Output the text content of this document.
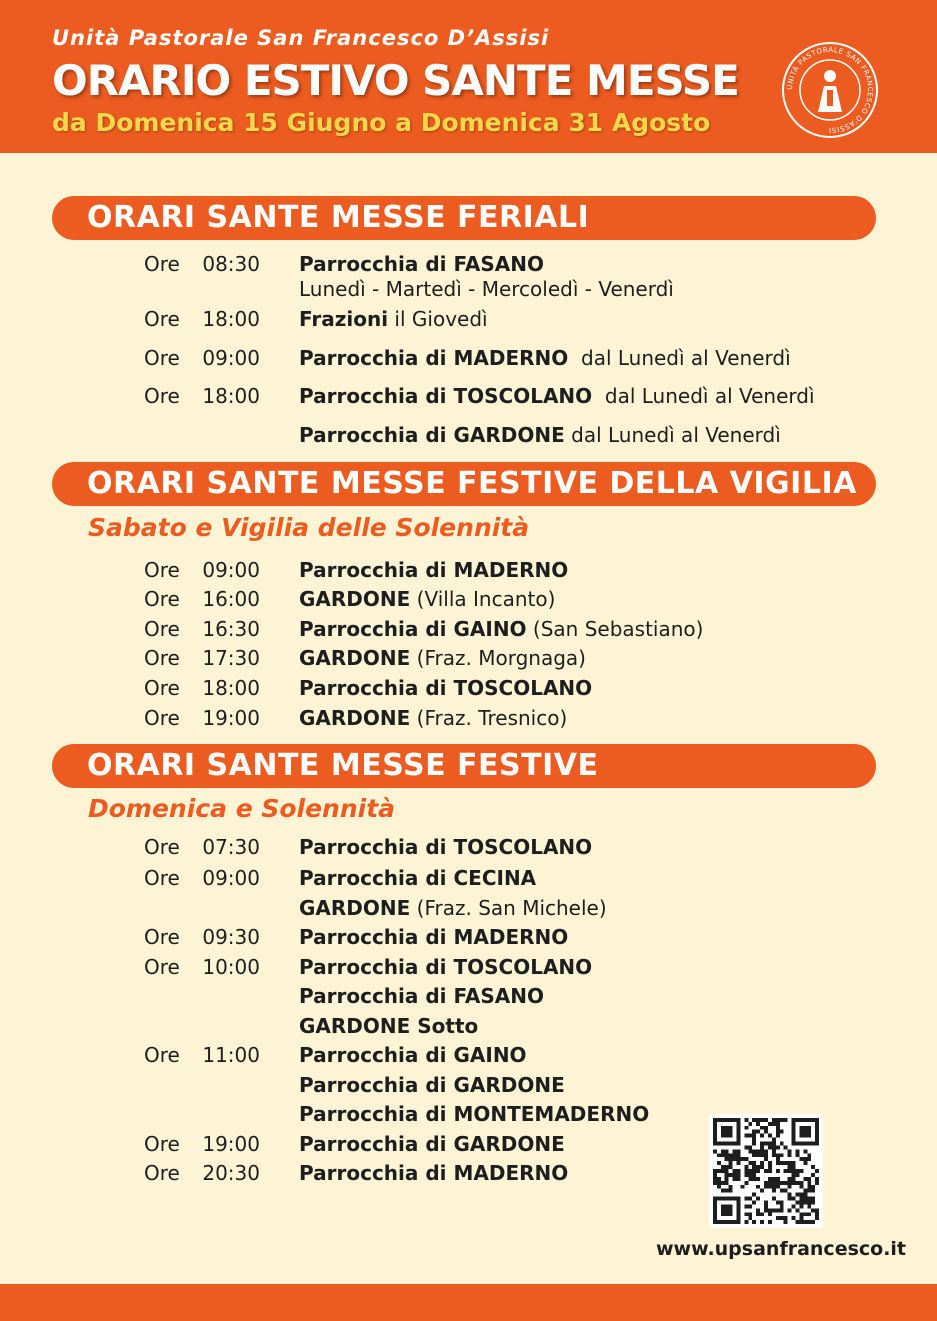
Unità Pastorale San Francesco D’Assisi
ORARIO ESTIVO SANTE MESSE
da Domenica 15 Giugno a Domenica 31 Agosto
UNITÀ PASTORALE SAN FRANCESCO D'ASSISI
ORARI SANTE MESSE FERIALI
Ore 08:30 Parrocchia di FASANO
Lunedì - Martedì - Mercoledì - Venerdì
Ore 18:00 Frazioni il Giovedì
Ore 09:00 Parrocchia di MADERNO  dal Lunedì al Venerdì
Ore 18:00 Parrocchia di TOSCOLANO  dal Lunedì al Venerdì
Parrocchia di GARDONE dal Lunedì al Venerdì
ORARI SANTE MESSE FESTIVE DELLA VIGILIA
Sabato e Vigilia delle Solennità
Ore 09:00 Parrocchia di MADERNO
Ore 16:00 GARDONE (Villa Incanto)
Ore 16:30 Parrocchia di GAINO (San Sebastiano)
Ore 17:30 GARDONE (Fraz. Morgnaga)
Ore 18:00 Parrocchia di TOSCOLANO
Ore 19:00 GARDONE (Fraz. Tresnico)
ORARI SANTE MESSE FESTIVE
Domenica e Solennità
Ore 07:30 Parrocchia di TOSCOLANO
Ore 09:00 Parrocchia di CECINA
GARDONE (Fraz. San Michele)
Ore 09:30 Parrocchia di MADERNO
Ore 10:00 Parrocchia di TOSCOLANO
Parrocchia di FASANO
GARDONE Sotto
Ore 11:00 Parrocchia di GAINO
Parrocchia di GARDONE
Parrocchia di MONTEMADERNO
Ore 19:00 Parrocchia di GARDONE
Ore 20:30 Parrocchia di MADERNO
www.upsanfrancesco.it
